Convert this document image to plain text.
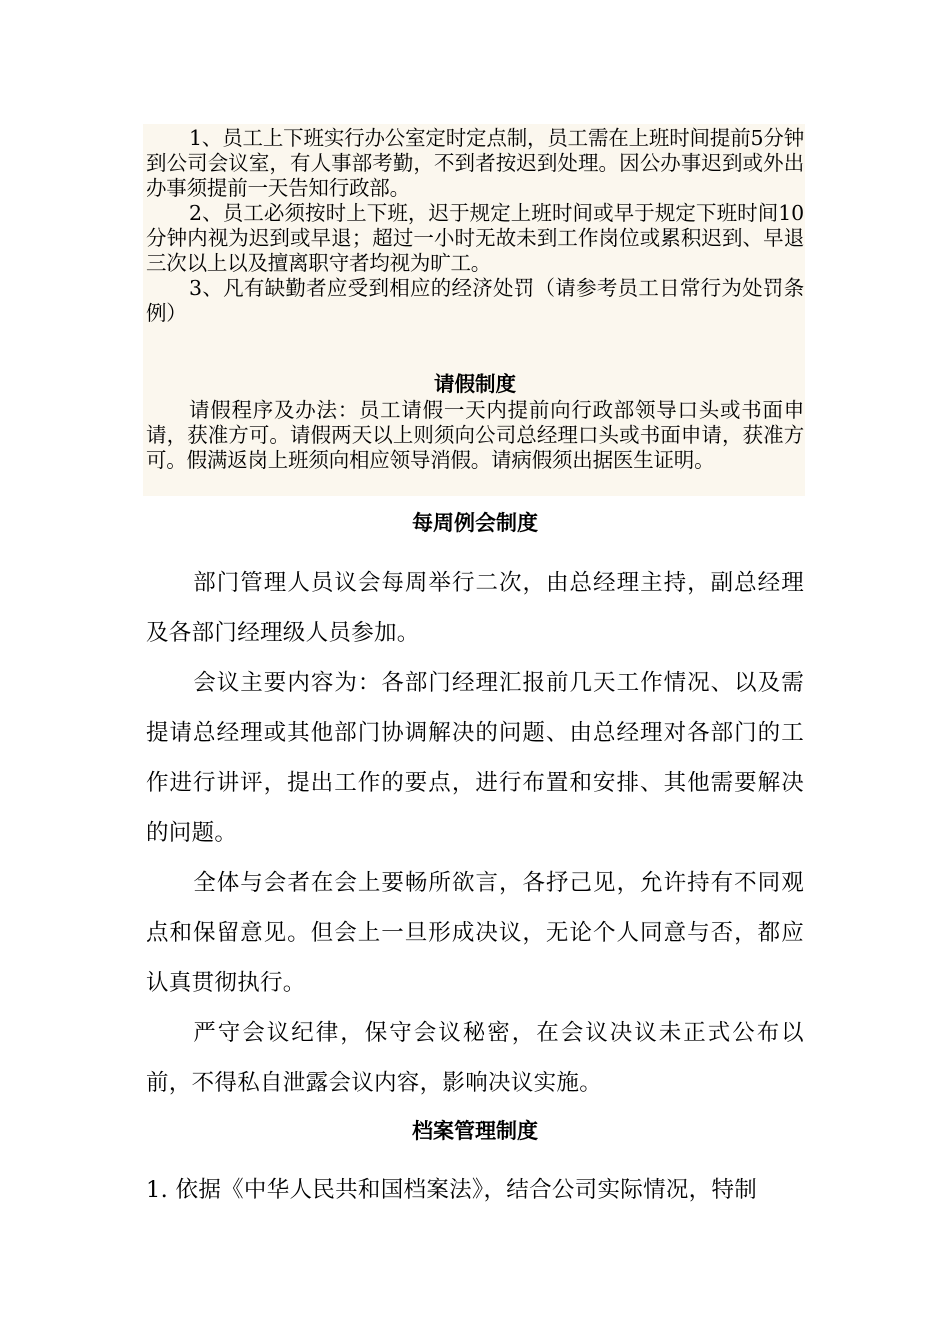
1、员工上下班实行办公室定时定点制，员工需在上班时间提前5分钟到公司会议室，有人事部考勤，不到者按迟到处理。因公办事迟到或外出办事须提前一天告知行政部。

2、员工必须按时上下班，迟于规定上班时间或早于规定下班时间10 分钟内视为迟到或早退；超过一小时无故未到工作岗位或累积迟到、早退三次以上以及擅离职守者均视为旷工。

3、凡有缺勤者应受到相应的经济处罚（请参考员工日常行为处罚条例）

请假制度

请假程序及办法：员工请假一天内提前向行政部领导口头或书面申请，获准方可。请假两天以上则须向公司总经理口头或书面申请，获准方可。假满返岗上班须向相应领导消假。请病假须出据医生证明。

每周例会制度

部门管理人员议会每周举行二次，由总经理主持，副总经理及各部门经理级人员参加。

会议主要内容为：各部门经理汇报前几天工作情况、以及需提请总经理或其他部门协调解决的问题、由总经理对各部门的工作进行讲评，提出工作的要点，进行布置和安排、其他需要解决的问题。

全体与会者在会上要畅所欲言，各抒己见，允许持有不同观点和保留意见。但会上一旦形成决议，无论个人同意与否，都应认真贯彻执行。

严守会议纪律，保守会议秘密，在会议决议未正式公布以前，不得私自泄露会议内容，影响决议实施。

档案管理制度

1. 依据《中华人民共和国档案法》，结合公司实际情况，特制
